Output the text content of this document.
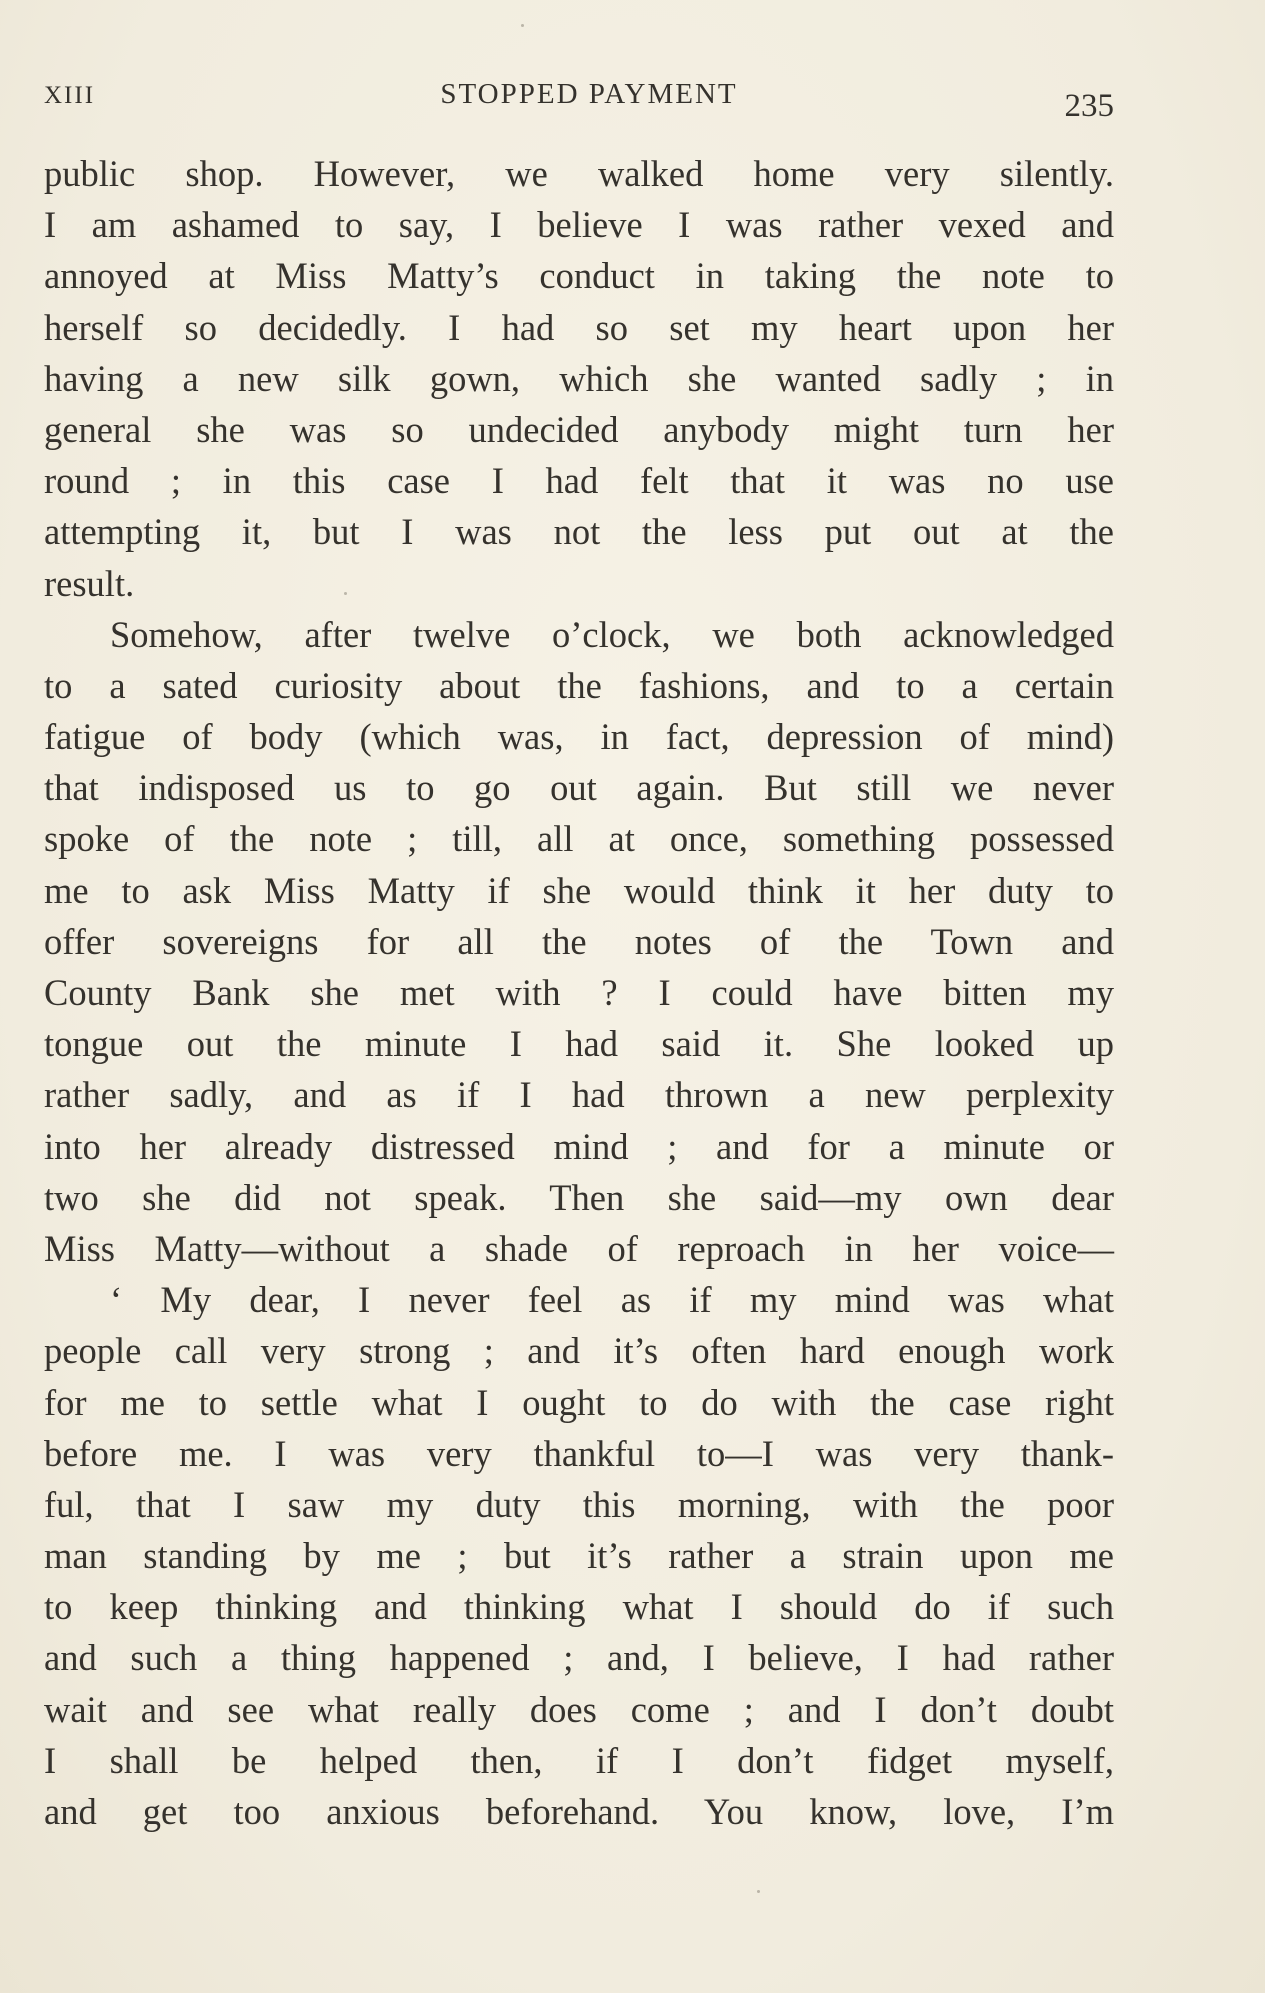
XIII	STOPPED PAYMENT	235
public shop. However, we walked home very silently.
I am ashamed to say, I believe I was rather vexed and
annoyed at Miss Matty’s conduct in taking the note to
herself so decidedly. I had so set my heart upon her
having a new silk gown, which she wanted sadly ; in
general she was so undecided anybody might turn her
round ; in this case I had felt that it was no use
attempting it, but I was not the less put out at the
result.
Somehow, after twelve o’clock, we both acknowledged
to a sated curiosity about the fashions, and to a certain
fatigue of body (which was, in fact, depression of mind)
that indisposed us to go out again. But still we never
spoke of the note ; till, all at once, something possessed
me to ask Miss Matty if she would think it her duty to
offer sovereigns for all the notes of the Town and
County Bank she met with ? I could have bitten my
tongue out the minute I had said it. She looked up
rather sadly, and as if I had thrown a new perplexity
into her already distressed mind ; and for a minute or
two she did not speak. Then she said—my own dear
Miss Matty—without a shade of reproach in her voice—
‘ My dear, I never feel as if my mind was what
people call very strong ; and it’s often hard enough work
for me to settle what I ought to do with the case right
before me. I was very thankful to—I was very thank-
ful, that I saw my duty this morning, with the poor
man standing by me ; but it’s rather a strain upon me
to keep thinking and thinking what I should do if such
and such a thing happened ; and, I believe, I had rather
wait and see what really does come ; and I don’t doubt
I shall be helped then, if I don’t fidget myself,
and get too anxious beforehand. You know, love, I’m
